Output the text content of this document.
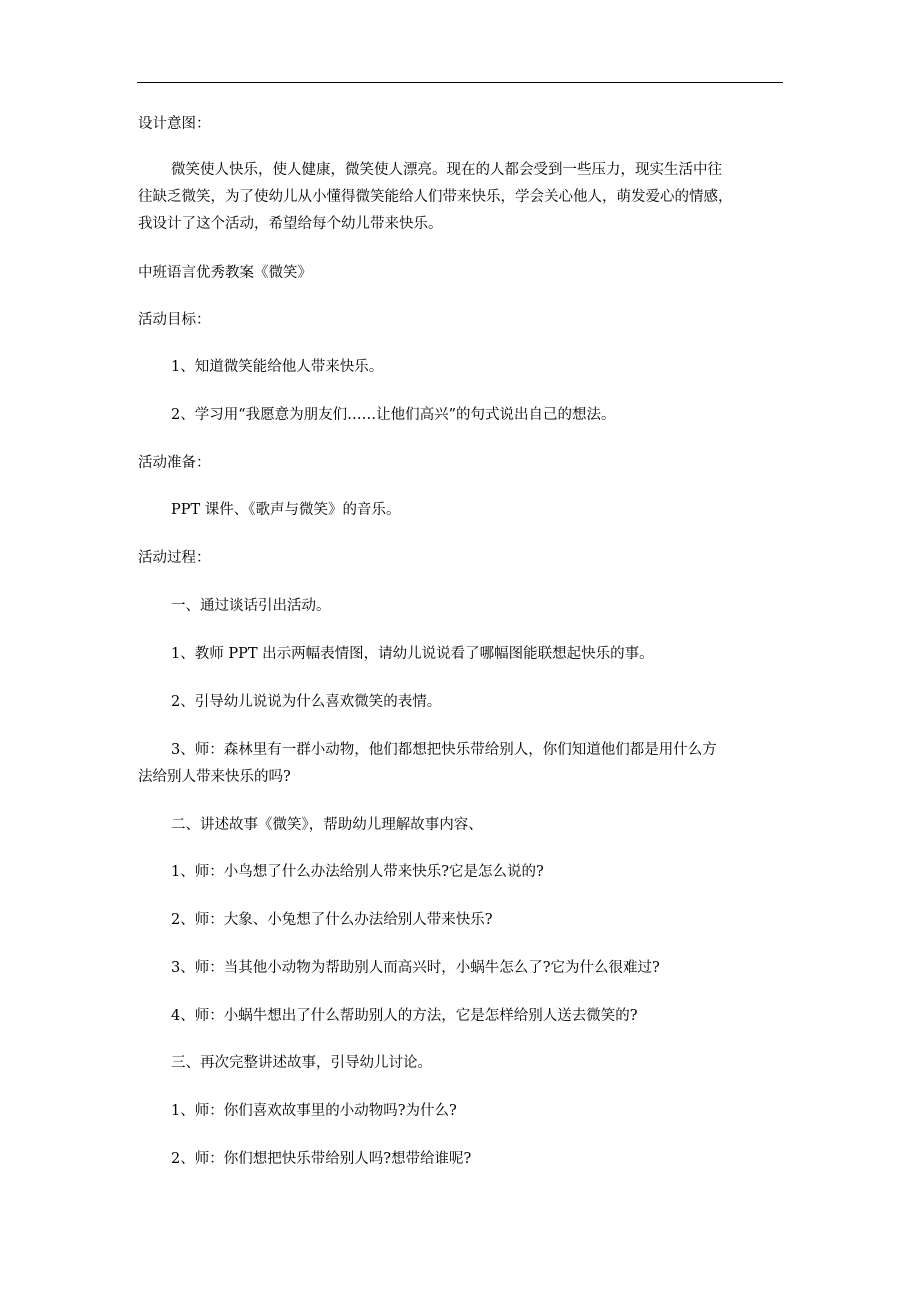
设计意图：

微笑使人快乐，使人健康，微笑使人漂亮。现在的人都会受到一些压力，现实生活中往

往缺乏微笑，为了使幼儿从小懂得微笑能给人们带来快乐，学会关心他人，萌发爱心的情感，

我设计了这个活动，希望给每个幼儿带来快乐。

中班语言优秀教案《微笑》

活动目标：

1、知道微笑能给他人带来快乐。

2、学习用“我愿意为朋友们……让他们高兴”的句式说出自己的想法。

活动准备：

PPT 课件、《歌声与微笑》的音乐。

活动过程：

一、通过谈话引出活动。

1、教师 PPT 出示两幅表情图，请幼儿说说看了哪幅图能联想起快乐的事。

2、引导幼儿说说为什么喜欢微笑的表情。

3、师：森林里有一群小动物，他们都想把快乐带给别人，你们知道他们都是用什么方

法给别人带来快乐的吗?

二、讲述故事《微笑》，帮助幼儿理解故事内容、

1、师：小鸟想了什么办法给别人带来快乐?它是怎么说的?

2、师：大象、小兔想了什么办法给别人带来快乐?

3、师：当其他小动物为帮助别人而高兴时，小蜗牛怎么了?它为什么很难过?

4、师：小蜗牛想出了什么帮助别人的方法，它是怎样给别人送去微笑的?

三、再次完整讲述故事，引导幼儿讨论。

1、师：你们喜欢故事里的小动物吗?为什么?

2、师：你们想把快乐带给别人吗?想带给谁呢?
